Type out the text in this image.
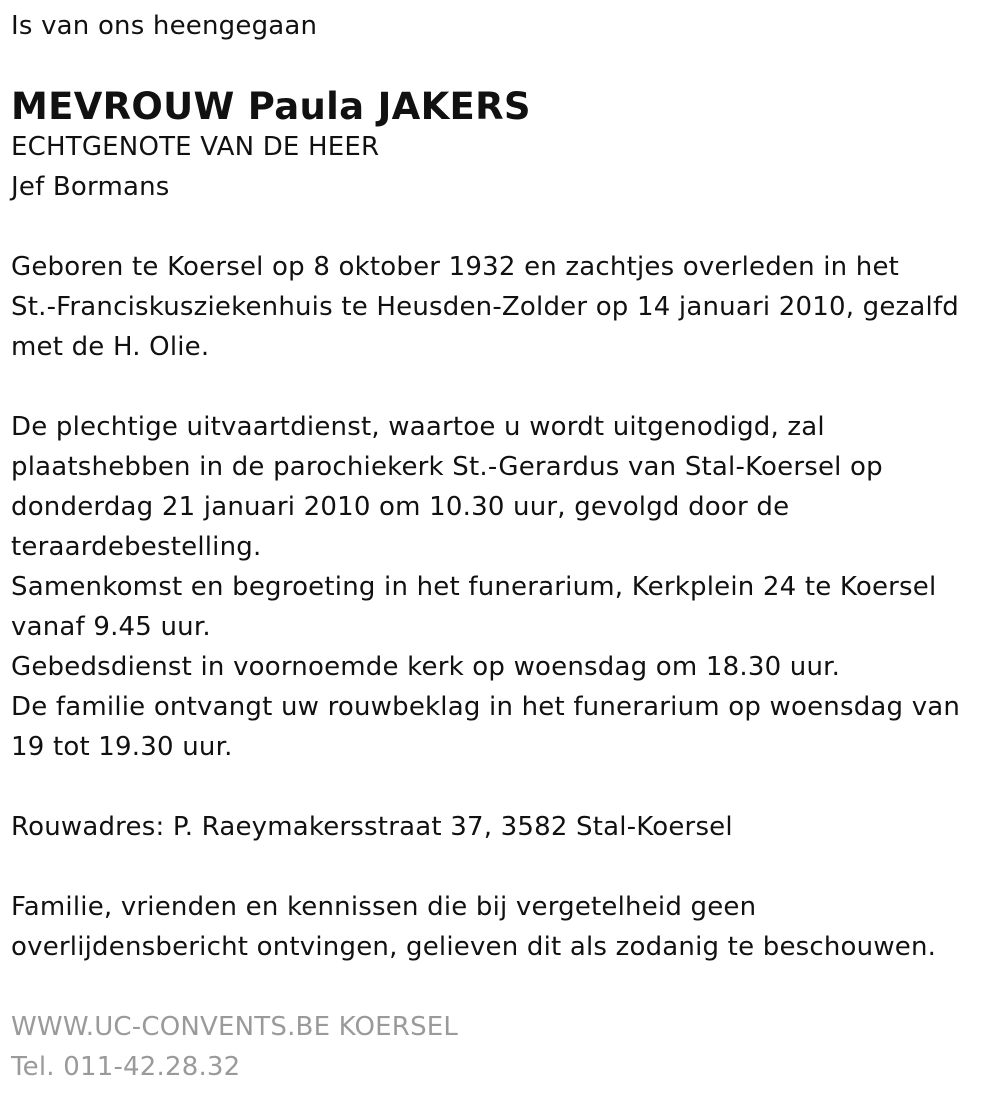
Is van ons heengegaan
MEVROUW Paula JAKERS
ECHTGENOTE VAN DE HEER
Jef Bormans
Geboren te Koersel op 8 oktober 1932 en zachtjes overleden in het
St.-Franciskusziekenhuis te Heusden-Zolder op 14 januari 2010, gezalfd
met de H. Olie.
De plechtige uitvaartdienst, waartoe u wordt uitgenodigd, zal
plaatshebben in de parochiekerk St.-Gerardus van Stal-Koersel op
donderdag 21 januari 2010 om 10.30 uur, gevolgd door de
teraardebestelling.
Samenkomst en begroeting in het funerarium, Kerkplein 24 te Koersel
vanaf 9.45 uur.
Gebedsdienst in voornoemde kerk op woensdag om 18.30 uur.
De familie ontvangt uw rouwbeklag in het funerarium op woensdag van
19 tot 19.30 uur.
Rouwadres: P. Raeymakersstraat 37, 3582 Stal-Koersel
Familie, vrienden en kennissen die bij vergetelheid geen
overlijdensbericht ontvingen, gelieven dit als zodanig te beschouwen.
WWW.UC-CONVENTS.BE KOERSEL
Tel. 011-42.28.32
